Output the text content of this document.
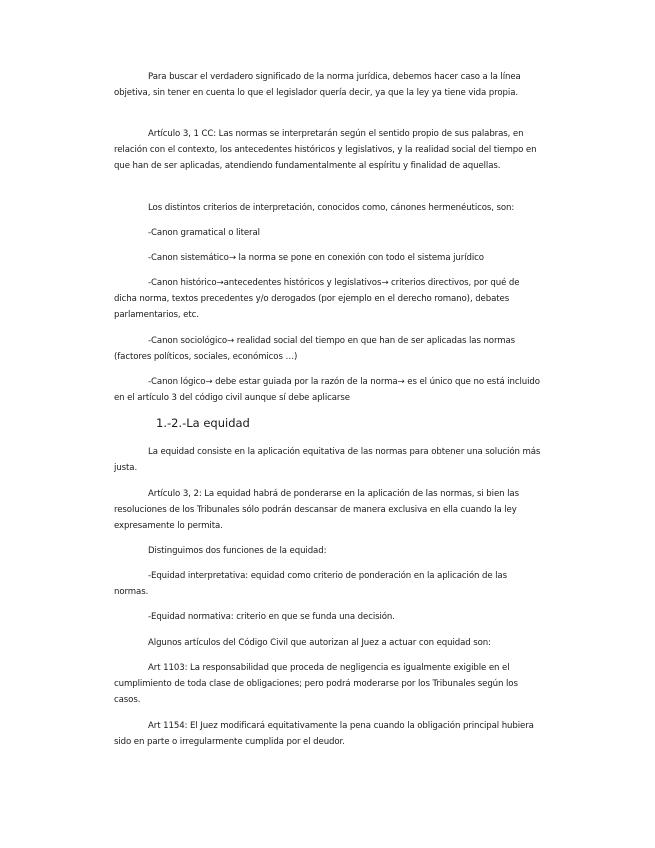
Para buscar el verdadero significado de la norma jurídica, debemos hacer caso a la línea objetiva, sin tener en cuenta lo que el legislador quería decir, ya que la ley ya tiene vida propia.

Artículo 3, 1 CC: Las normas se interpretarán según el sentido propio de sus palabras, en relación con el contexto, los antecedentes históricos y legislativos, y la realidad social del tiempo en que han de ser aplicadas, atendiendo fundamentalmente al espíritu y finalidad de aquellas.

Los distintos criterios de interpretación, conocidos como, cánones hermenéuticos, son:

-Canon gramatical o literal

-Canon sistemático→ la norma se pone en conexión con todo el sistema jurídico

-Canon histórico→antecedentes históricos y legislativos→ criterios directivos, por qué de dicha norma, textos precedentes y/o derogados (por ejemplo en el derecho romano), debates parlamentarios, etc.

-Canon sociológico→ realidad social del tiempo en que han de ser aplicadas las normas (factores políticos, sociales, económicos …)

-Canon lógico→ debe estar guiada por la razón de la norma→ es el único que no está incluido en el artículo 3 del código civil aunque sí debe aplicarse

1.-2.-La equidad

La equidad consiste en la aplicación equitativa de las normas para obtener una solución más justa.

Artículo 3, 2: La equidad habrá de ponderarse en la aplicación de las normas, si bien las resoluciones de los Tribunales sólo podrán descansar de manera exclusiva en ella cuando la ley expresamente lo permita.

Distinguimos dos funciones de la equidad:

-Equidad interpretativa: equidad como criterio de ponderación en la aplicación de las normas.

-Equidad normativa: criterio en que se funda una decisión.

Algunos artículos del Código Civil que autorizan al Juez a actuar con equidad son:

Art 1103: La responsabilidad que proceda de negligencia es igualmente exigible en el cumplimiento de toda clase de obligaciones; pero podrá moderarse por los Tribunales según los casos.

Art 1154: El Juez modificará equitativamente la pena cuando la obligación principal hubiera sido en parte o irregularmente cumplida por el deudor.
